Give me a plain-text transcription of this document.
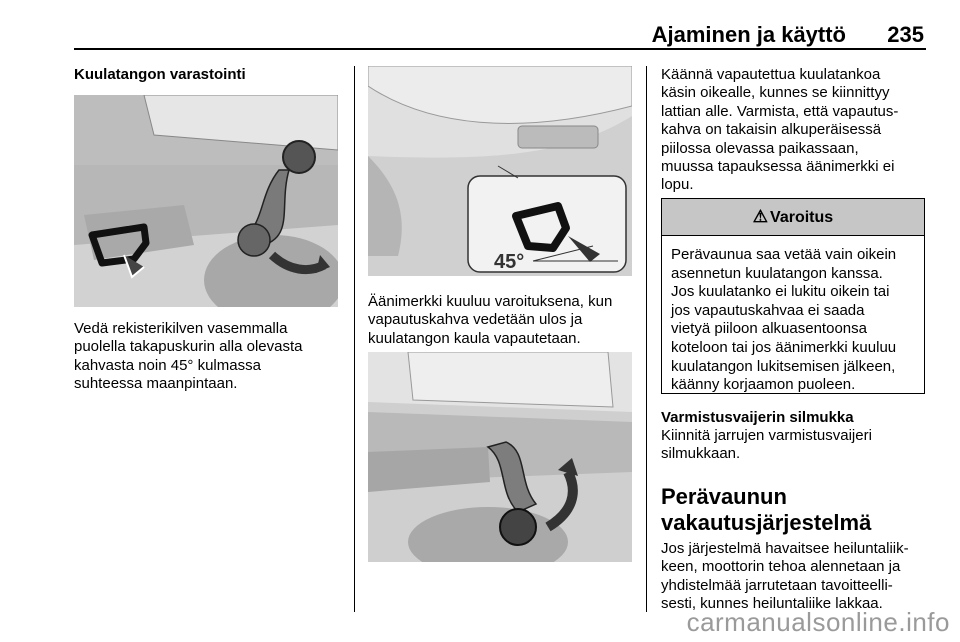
Ajaminen ja käyttö 235
Kuulatangon varastointi
Vedä rekisterikilven vasemmalla
puolella takapuskurin alla olevasta
kahvasta noin 45° kulmassa
suhteessa maanpintaan.
45°
Äänimerkki kuuluu varoituksena, kun
vapautuskahva vedetään ulos ja
kuulatangon kaula vapautetaan.
Käännä vapautettua kuulatankoa
käsin oikealle, kunnes se kiinnittyy
lattian alle. Varmista, että vapautus-
kahva on takaisin alkuperäisessä
piilossa olevassa paikassaan,
muussa tapauksessa äänimerkki ei
lopu.
⚠ Varoitus
Perävaunua saa vetää vain oikein
asennetun kuulatangon kanssa.
Jos kuulatanko ei lukitu oikein tai
jos vapautuskahvaa ei saada
vietyä piiloon alkuasentoonsa
koteloon tai jos äänimerkki kuuluu
kuulatangon lukitsemisen jälkeen,
käänny korjaamon puoleen.
Varmistusvaijerin silmukka
Kiinnitä jarrujen varmistusvaijeri
silmukkaan.
Perävaunun
vakautusjärjestelmä
Jos järjestelmä havaitsee heiluntaliik-
keen, moottorin tehoa alennetaan ja
yhdistelmää jarrutetaan tavoitteelli-
sesti, kunnes heiluntaliike lakkaa.
carmanualsonline.info
